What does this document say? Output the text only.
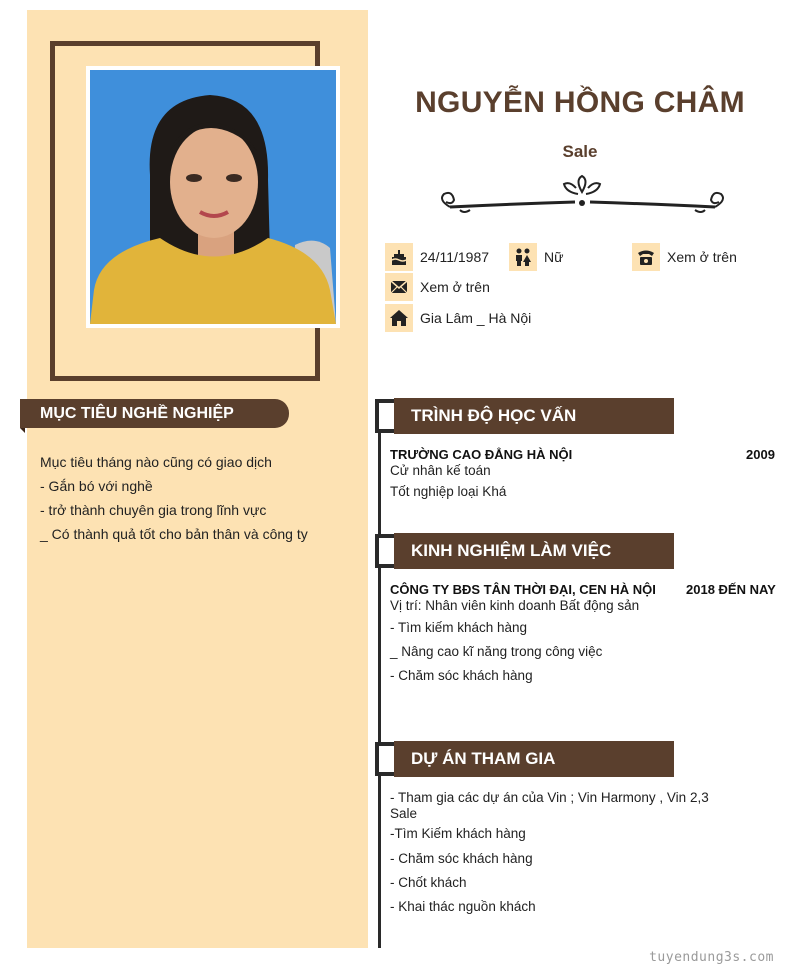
MỤC TIÊU NGHỀ NGHIỆP
Mục tiêu tháng nào cũng có giao dịch
- Gắn bó với nghề
- trở thành chuyên gia trong lĩnh vực
_ Có thành quả tốt cho bản thân và công ty
NGUYỄN HỒNG CHÂM
Sale
24/11/1987	Nữ	Xem ở trên
Xem ở trên
Gia Lâm _ Hà Nội
TRÌNH ĐỘ HỌC VẤN
TRƯỜNG CAO ĐẲNG HÀ NỘI	2009
Cử nhân kế toán
Tốt nghiệp loại Khá
KINH NGHIỆM LÀM VIỆC
CÔNG TY BĐS TÂN THỜI ĐẠI, CEN HÀ NỘI 2018 ĐẾN NAY
Vị trí: Nhân viên kinh doanh Bất động sản
- Tìm kiếm khách hàng
_ Nâng cao kĩ năng trong công việc
- Chăm sóc khách hàng
DỰ ÁN THAM GIA
- Tham gia các dự án của Vin ; Vin Harmony , Vin 2,3
Sale
-Tìm Kiếm khách hàng
- Chăm sóc khách hàng
- Chốt khách
- Khai thác nguồn khách
tuyendung3s.com
